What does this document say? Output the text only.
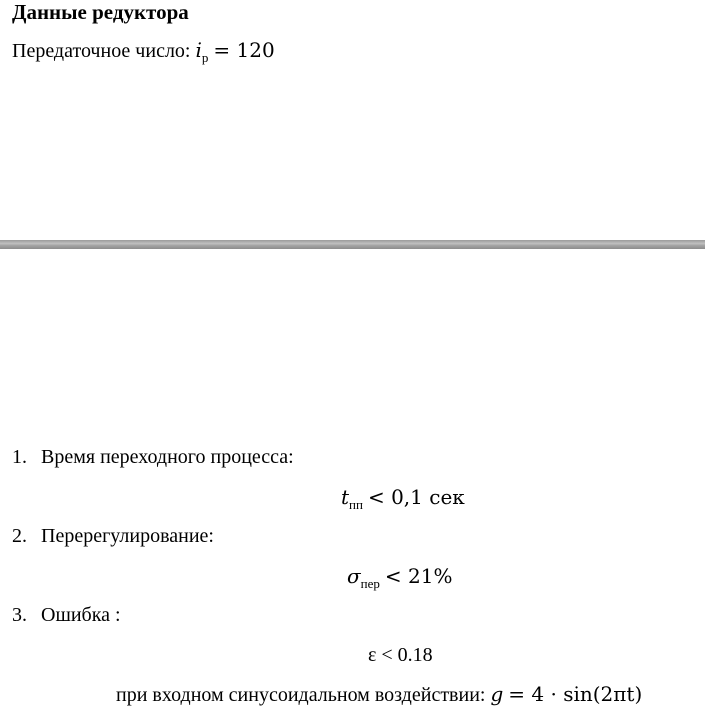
Данные редуктора
Передаточное число: $i_р = 120$
1. Время переходного процесса:
$t_{пп} < 0,1$ сек
2. Перерегулирование:
$\sigma_{пер} < 21\%$
3. Ошибка :
ε < 0.18
при входном синусоидальном воздействии: g = 4 · sin(2πt)
